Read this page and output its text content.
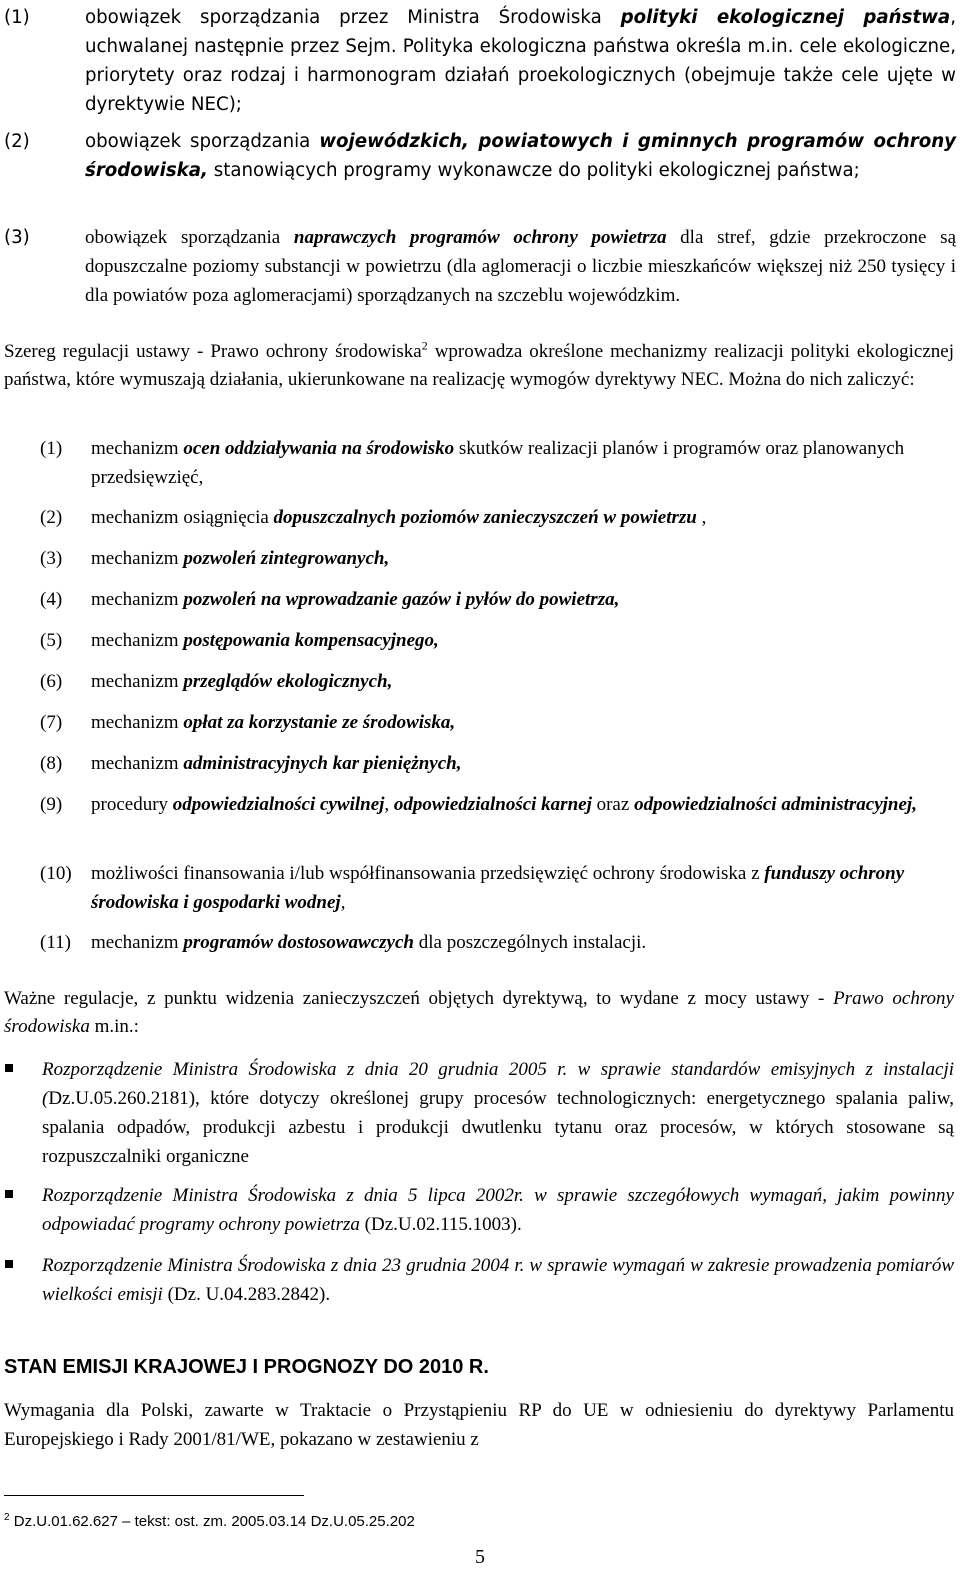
(1)	obowiązek sporządzania przez Ministra Środowiska polityki ekologicznej państwa, uchwalanej następnie przez Sejm. Polityka ekologiczna państwa określa m.in. cele ekologiczne, priorytety oraz rodzaj i harmonogram działań proekologicznych (obejmuje także cele ujęte w dyrektywie NEC);

(2)	obowiązek sporządzania wojewódzkich, powiatowych i gminnych programów ochrony środowiska, stanowiących programy wykonawcze do polityki ekologicznej państwa;

(3)	obowiązek sporządzania naprawczych programów ochrony powietrza dla stref, gdzie przekroczone są dopuszczalne poziomy substancji w powietrzu (dla aglomeracji o liczbie mieszkańców większej niż 250 tysięcy i dla powiatów poza aglomeracjami) sporządzanych na szczeblu wojewódzkim.

Szereg regulacji ustawy - Prawo ochrony środowiska$^2$ wprowadza określone mechanizmy realizacji polityki ekologicznej państwa, które wymuszają działania, ukierunkowane na realizację wymogów dyrektywy NEC. Można do nich zaliczyć:

(1)	mechanizm ocen oddziaływania na środowisko skutków realizacji planów i programów oraz planowanych przedsięwzięć,

(2)	mechanizm osiągnięcia dopuszczalnych poziomów zanieczyszczeń w powietrzu ,

(3)	mechanizm pozwoleń zintegrowanych,

(4)	mechanizm pozwoleń na wprowadzanie gazów i pyłów do powietrza,

(5)	mechanizm postępowania kompensacyjnego,

(6)	mechanizm przeglądów ekologicznych,

(7)	mechanizm opłat za korzystanie ze środowiska,

(8)	mechanizm administracyjnych kar pieniężnych,

(9)	procedury odpowiedzialności cywilnej, odpowiedzialności karnej oraz odpowiedzialności administracyjnej,

(10)	możliwości finansowania i/lub współfinansowania przedsięwzięć ochrony środowiska z funduszy ochrony środowiska i gospodarki wodnej,

(11)	mechanizm programów dostosowawczych dla poszczególnych instalacji.

Ważne regulacje, z punktu widzenia zanieczyszczeń objętych dyrektywą, to wydane z mocy ustawy - Prawo ochrony środowiska m.in.:

Rozporządzenie Ministra Środowiska z dnia 20 grudnia 2005 r. w sprawie standardów emisyjnych z instalacji (Dz.U.05.260.2181), które dotyczy określonej grupy procesów technologicznych: energetycznego spalania paliw, spalania odpadów, produkcji azbestu i produkcji dwutlenku tytanu oraz procesów, w których stosowane są rozpuszczalniki organiczne

Rozporządzenie Ministra Środowiska z dnia 5 lipca 2002r. w sprawie szczegółowych wymagań, jakim powinny odpowiadać programy ochrony powietrza (Dz.U.02.115.1003).

Rozporządzenie Ministra Środowiska z dnia 23 grudnia 2004 r. w sprawie wymagań w zakresie prowadzenia pomiarów wielkości emisji (Dz. U.04.283.2842).

STAN EMISJI KRAJOWEJ I PROGNOZY DO 2010 R.

Wymagania dla Polski, zawarte w Traktacie o Przystąpieniu RP do UE w odniesieniu do dyrektywy Parlamentu Europejskiego i Rady 2001/81/WE, pokazano w zestawieniu z

$^2$ Dz.U.01.62.627 – tekst: ost. zm. 2005.03.14 Dz.U.05.25.202
5
